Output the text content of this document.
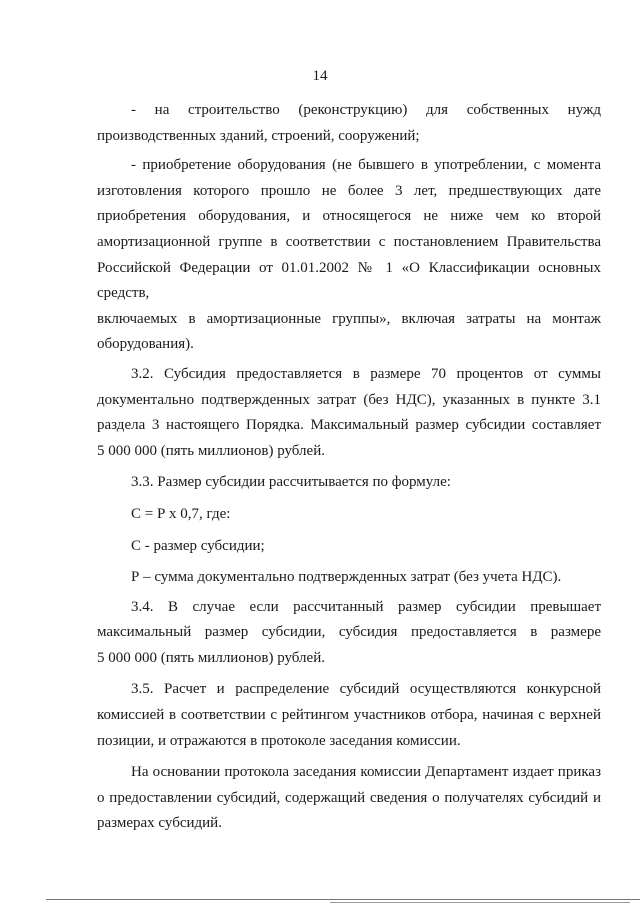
14
- на строительство (реконструкцию) для собственных нужд
производственных зданий, строений, сооружений;
- приобретение оборудования (не бывшего в употреблении, с момента
изготовления которого прошло не более 3 лет, предшествующих дате
приобретения оборудования, и относящегося не ниже чем ко второй
амортизационной группе в соответствии с постановлением Правительства
Российской Федерации от 01.01.2002 № 1 «О Классификации основных средств,
включаемых в амортизационные группы», включая затраты на монтаж
оборудования).
3.2. Субсидия предоставляется в размере 70 процентов от суммы
документально подтвержденных затрат (без НДС), указанных в пункте 3.1
раздела 3 настоящего Порядка. Максимальный размер субсидии составляет
5 000 000 (пять миллионов) рублей.
3.3. Размер субсидии рассчитывается по формуле:
С = Р х 0,7, где:
С - размер субсидии;
Р – сумма документально подтвержденных затрат (без учета НДС).
3.4. В случае если рассчитанный размер субсидии превышает
максимальный размер субсидии, субсидия предоставляется в размере
5 000 000 (пять миллионов) рублей.
3.5. Расчет и распределение субсидий осуществляются конкурсной
комиссией в соответствии с рейтингом участников отбора, начиная с верхней
позиции, и отражаются в протоколе заседания комиссии.
На основании протокола заседания комиссии Департамент издает приказ
о предоставлении субсидий, содержащий сведения о получателях субсидий и
размерах субсидий.
